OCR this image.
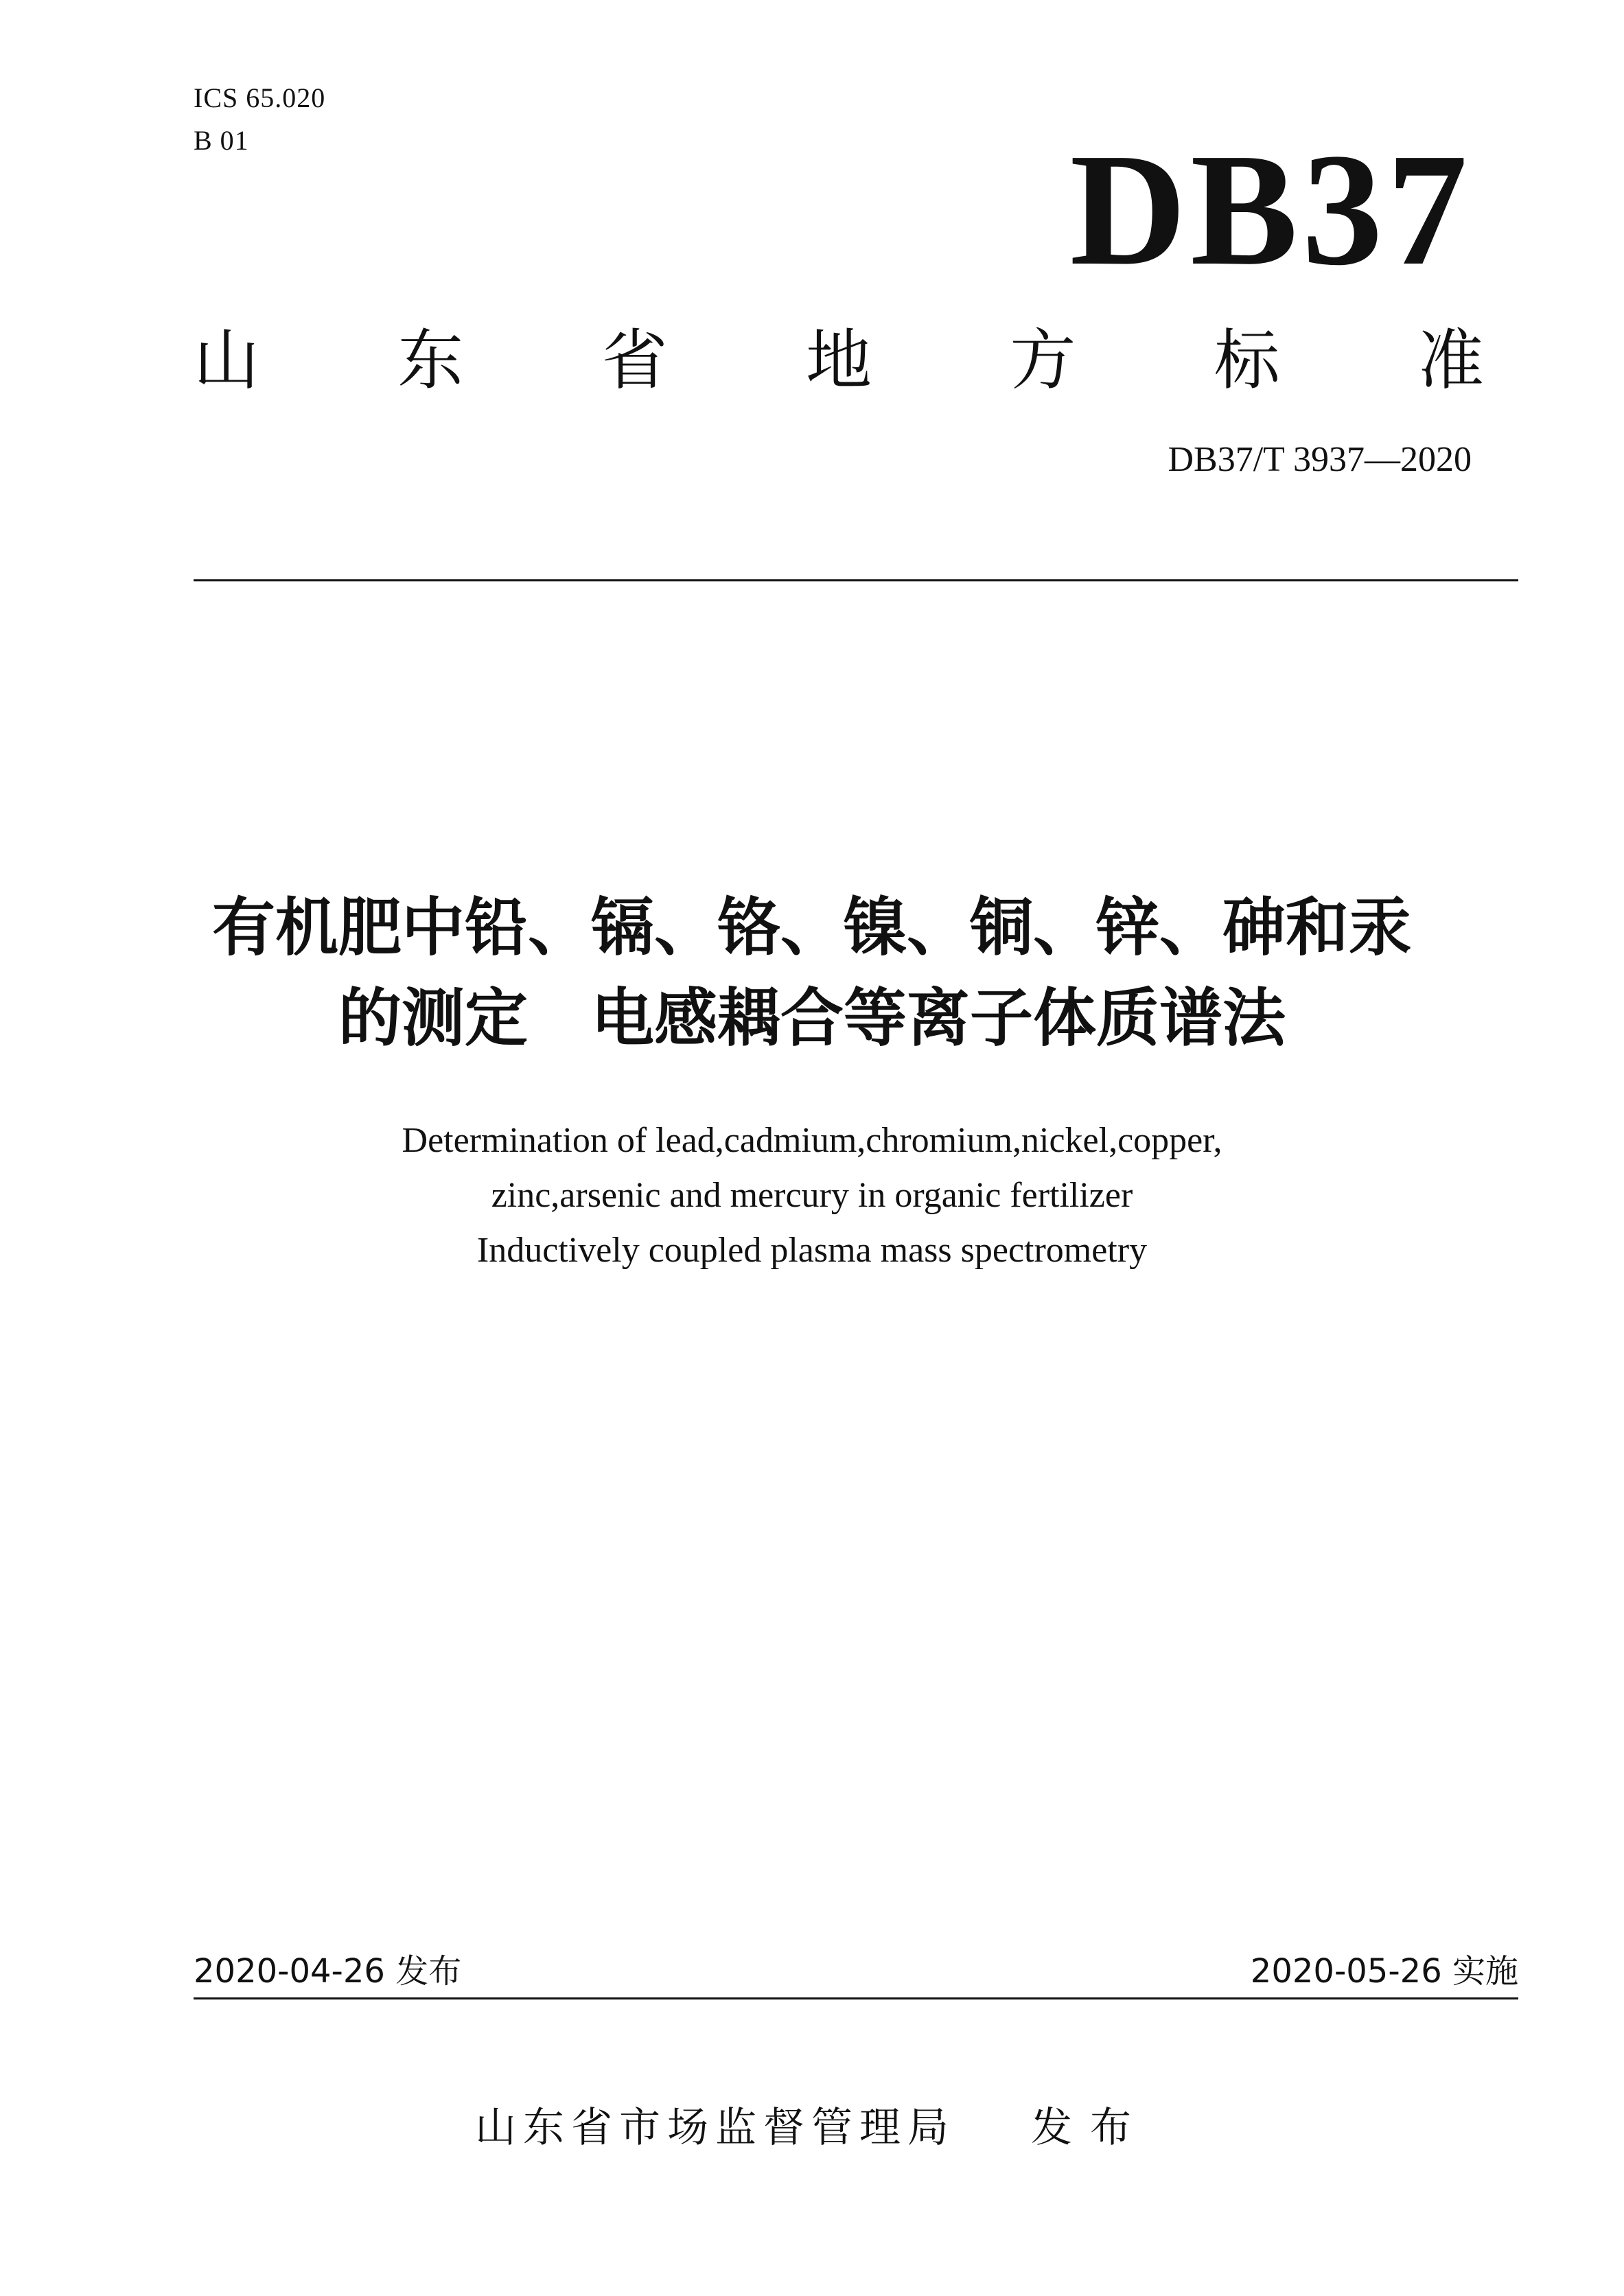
ICS 65.020
B 01	DB37
山 东 省 地 方 标 准
DB37/T 3937—2020
有机肥中铅、镉、铬、镍、铜、锌、砷和汞
的测定　电感耦合等离子体质谱法
Determination of lead,cadmium,chromium,nickel,copper,
zinc,arsenic and mercury in organic fertilizer
Inductively coupled plasma mass spectrometry
2020-04-26 发布	2020-05-26 实施
山东省市场监督管理局 发布
